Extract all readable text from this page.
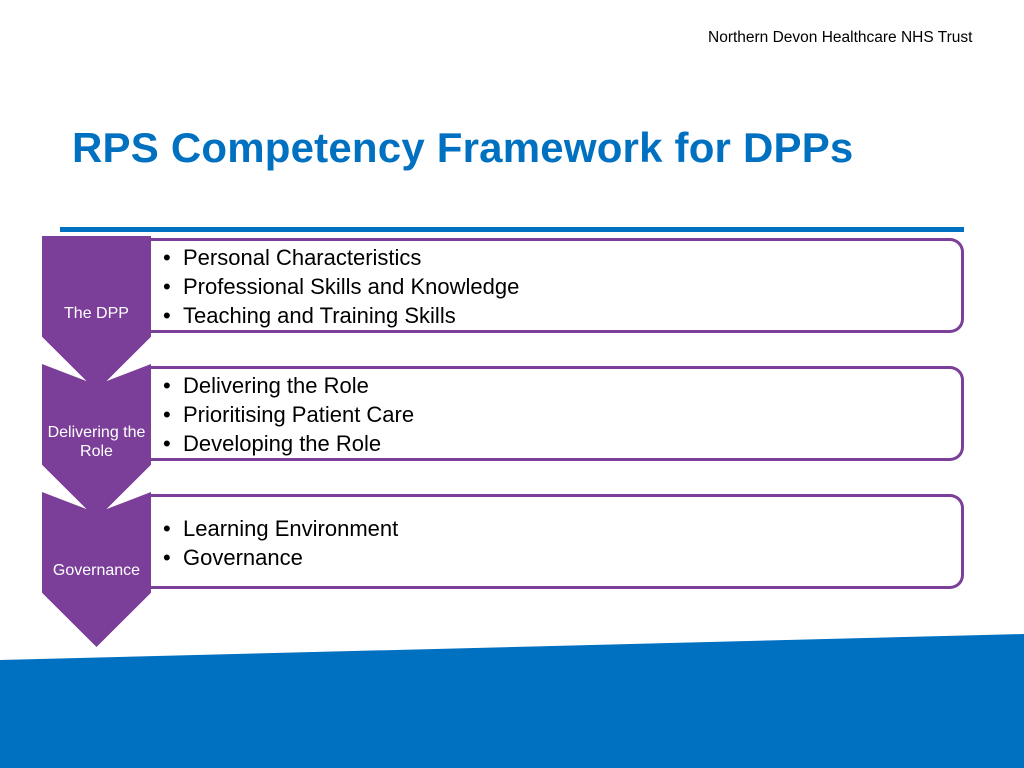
Northern Devon Healthcare NHS Trust
RPS Competency Framework for DPPs
The DPP
• Personal Characteristics
• Professional Skills and Knowledge
• Teaching and Training Skills
Delivering the Role
• Delivering the Role
• Prioritising Patient Care
• Developing the Role
Governance
• Learning Environment
• Governance
